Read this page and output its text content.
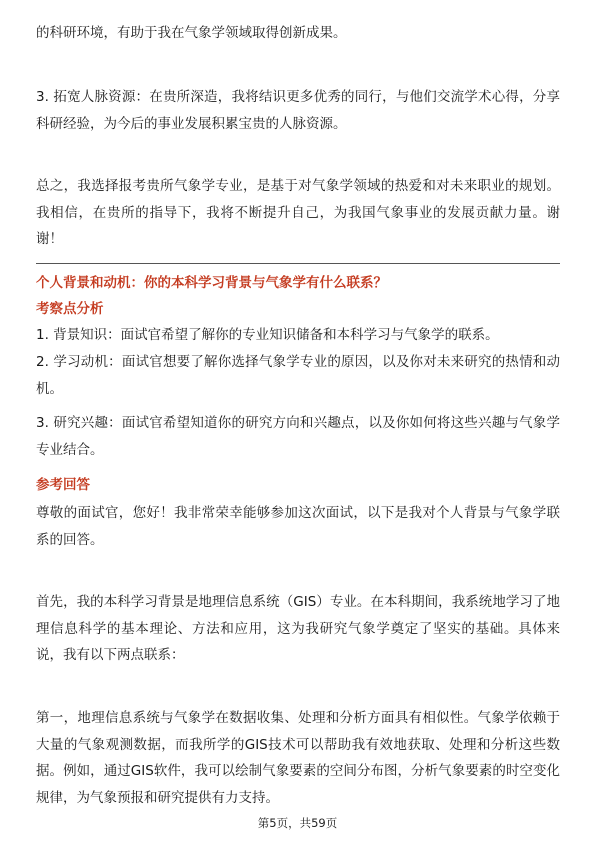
的科研环境，有助于我在气象学领域取得创新成果。

3. 拓宽人脉资源：在贵所深造，我将结识更多优秀的同行，与他们交流学术心得，分享科研经验，为今后的事业发展积累宝贵的人脉资源。

总之，我选择报考贵所气象学专业，是基于对气象学领域的热爱和对未来职业的规划。我相信，在贵所的指导下，我将不断提升自己，为我国气象事业的发展贡献力量。谢谢！

个人背景和动机：你的本科学习背景与气象学有什么联系？

考察点分析

1. 背景知识：面试官希望了解你的专业知识储备和本科学习与气象学的联系。

2. 学习动机：面试官想要了解你选择气象学专业的原因，以及你对未来研究的热情和动机。

3. 研究兴趣：面试官希望知道你的研究方向和兴趣点，以及你如何将这些兴趣与气象学专业结合。

参考回答

尊敬的面试官，您好！我非常荣幸能够参加这次面试，以下是我对个人背景与气象学联系的回答。

首先，我的本科学习背景是地理信息系统（GIS）专业。在本科期间，我系统地学习了地理信息科学的基本理论、方法和应用，这为我研究气象学奠定了坚实的基础。具体来说，我有以下两点联系：

第一，地理信息系统与气象学在数据收集、处理和分析方面具有相似性。气象学依赖于大量的气象观测数据，而我所学的GIS技术可以帮助我有效地获取、处理和分析这些数据。例如，通过GIS软件，我可以绘制气象要素的空间分布图，分析气象要素的时空变化规律，为气象预报和研究提供有力支持。

第5页，共59页
